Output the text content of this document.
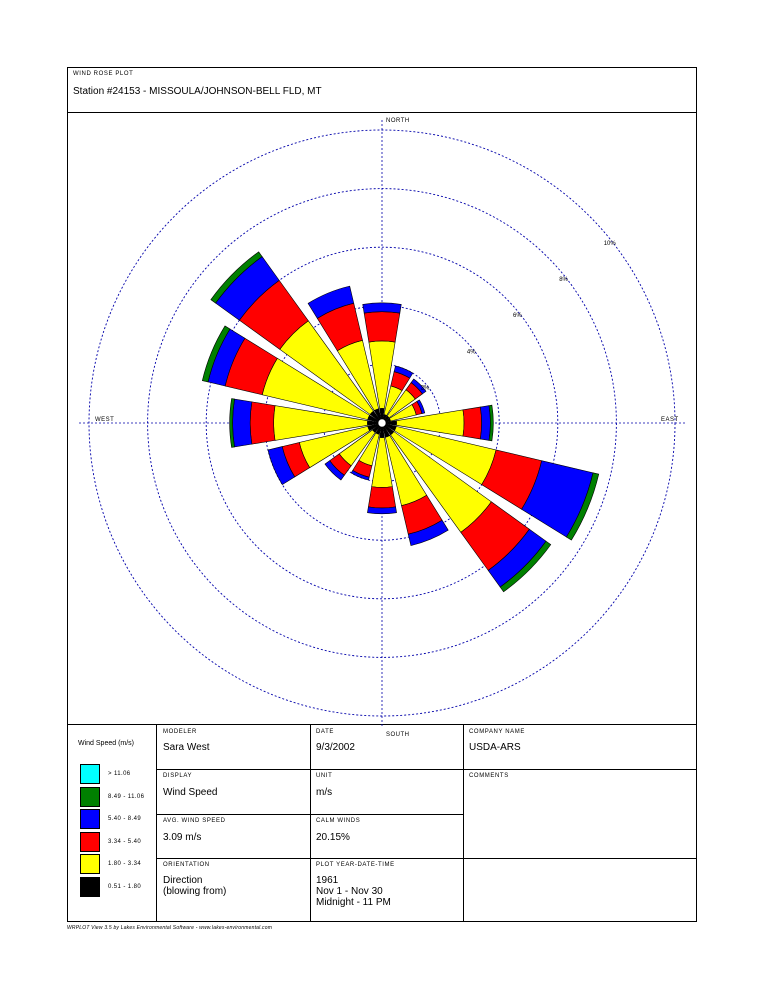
WIND ROSE PLOT
Station #24153 - MISSOULA/JOHNSON-BELL FLD, MT
2%
4%
6%
8%
10%
NORTH
SOUTH
EAST
WEST
Wind Speed (m/s)
> 11.06
8.49 - 11.06
5.40 - 8.49
3.34 - 5.40
1.80 - 3.34
0.51 - 1.80
MODELER
Sara West
DATE
9/3/2002
COMPANY NAME
USDA-ARS
DISPLAY
Wind Speed
UNIT
m/s
COMMENTS
AVG. WIND SPEED
3.09 m/s
CALM WINDS
20.15%
ORIENTATION
Direction
(blowing from)
PLOT YEAR-DATE-TIME
1961
Nov 1 - Nov 30
Midnight - 11 PM
WRPLOT View 3.5 by Lakes Environmental Software - www.lakes-environmental.com
